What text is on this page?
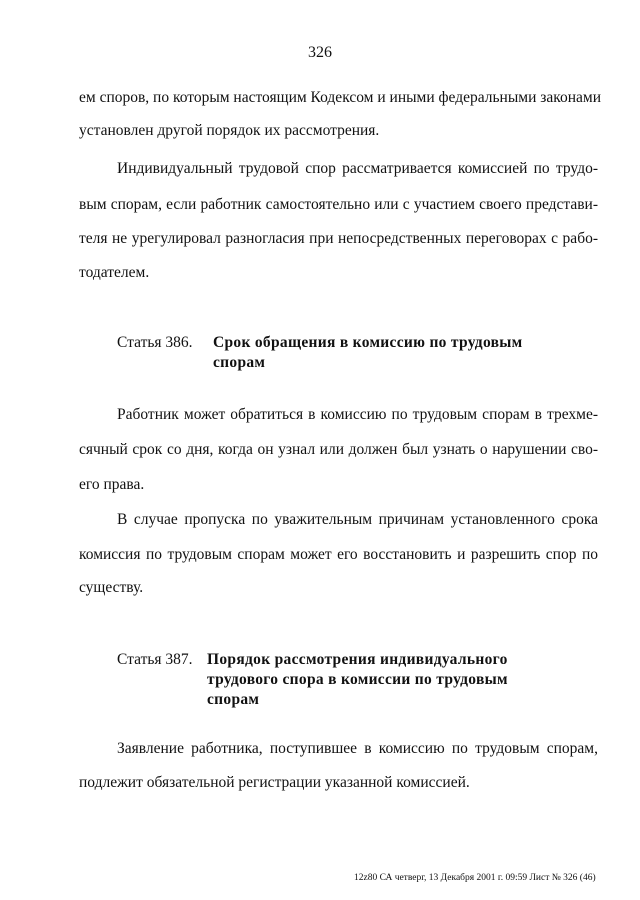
326
ем споров, по которым настоящим Кодексом и иными федеральными законами
установлен другой порядок их рассмотрения.
Индивидуальный трудовой спор рассматривается комиссией по трудо-
вым спорам, если работник самостоятельно или с участием своего представи-
теля не урегулировал разногласия при непосредственных переговорах с рабо-
тодателем.
Статья 386. Срок обращения в комиссию по трудовым
спорам
Работник может обратиться в комиссию по трудовым спорам в трехме-
сячный срок со дня, когда он узнал или должен был узнать о нарушении сво-
его права.
В случае пропуска по уважительным причинам установленного срока
комиссия по трудовым спорам может его восстановить и разрешить спор по
существу.
Статья 387. Порядок рассмотрения индивидуального
трудового спора в комиссии по трудовым
спорам
Заявление работника, поступившее в комиссию по трудовым спорам,
подлежит обязательной регистрации указанной комиссией.
12z80 СА четверг, 13 Декабря 2001 г. 09:59 Лист № 326 (46)
